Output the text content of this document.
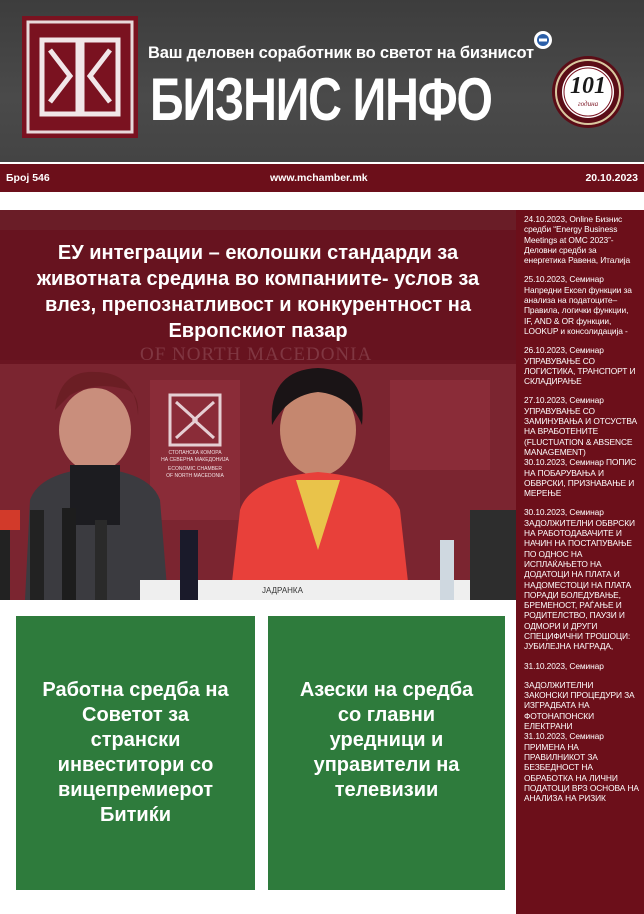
Ваш деловен соработник во светот на бизнисот
БИЗНИС ИНФО	101
година
Број 546	www.mchamber.mk	20.10.2023
СТОПАНСКА КОМОРА
НА СЕВЕРНА МАКЕДОНИЈА
ECONOMIC CHAMBER
OF NORTH MACEDONIA
ЈАДРАНКА
ЕУ интеграции – еколошки стандарди за животната средина во компаниите- услов за влез, препознатливост и конкурентност на Европскиот пазар
Работна средба на Советот за странски инвеститори со вицепремиерот Битиќи
Азески на средба со главни уредници и управители на телевизии
24.10.2023, Online Бизнис средби “Energy Business Meetings at OMC 2023”-Деловни средби за енергетика Равена, Италија
25.10.2023, Семинар Напредни Ексел функции за анализа на податоците– Правила, логички функции, IF, AND & OR функции, LOOKUP и консолидација -
26.10.2023, Семинар УПРАВУВАЊЕ СО ЛОГИСТИКА, ТРАНСПОРТ И СКЛАДИРАЊЕ
27.10.2023, Семинар УПРАВУВАЊЕ СО ЗАМИНУВАЊА И ОТСУСТВА НА ВРАБОТЕНИТЕ (FLUCTUATION & ABSENCE MANAGEMENT)
30.10.2023, Семинар ПОПИС НА ПОБАРУВАЊА И ОБВРСКИ, ПРИЗНАВАЊЕ И МЕРЕЊЕ
30.10.2023, Семинар ЗАДОЛЖИТЕЛНИ ОБВРСКИ НА РАБОТОДАВАЧИТЕ И НАЧИН НА ПОСТАПУВАЊЕ ПО ОДНОС НА ИСПЛАЌАЊЕТО НА ДОДАТОЦИ НА ПЛАТА И НАДОМЕСТОЦИ НА ПЛАТА ПОРАДИ БОЛЕДУВАЊЕ, БРЕМЕНОСТ, РАЃАЊЕ И РОДИТЕЛСТВО, ПАУЗИ И ОДМОРИ И ДРУГИ СПЕЦИФИЧНИ ТРОШОЦИ: ЈУБИЛЕЈНА НАГРАДА,
31.10.2023, Семинар
ЗАДОЛЖИТЕЛНИ ЗАКОНСКИ ПРОЦЕДУРИ ЗА ИЗГРАДБАТА НА ФОТОНАПОНСКИ ЕЛЕКТРАНИ
31.10.2023, Семинар ПРИМЕНА НА ПРАВИЛНИКОТ ЗА БЕЗБЕДНОСТ НА ОБРАБОТКА НА ЛИЧНИ ПОДАТОЦИ ВРЗ ОСНОВА НА АНАЛИЗА НА РИЗИК
